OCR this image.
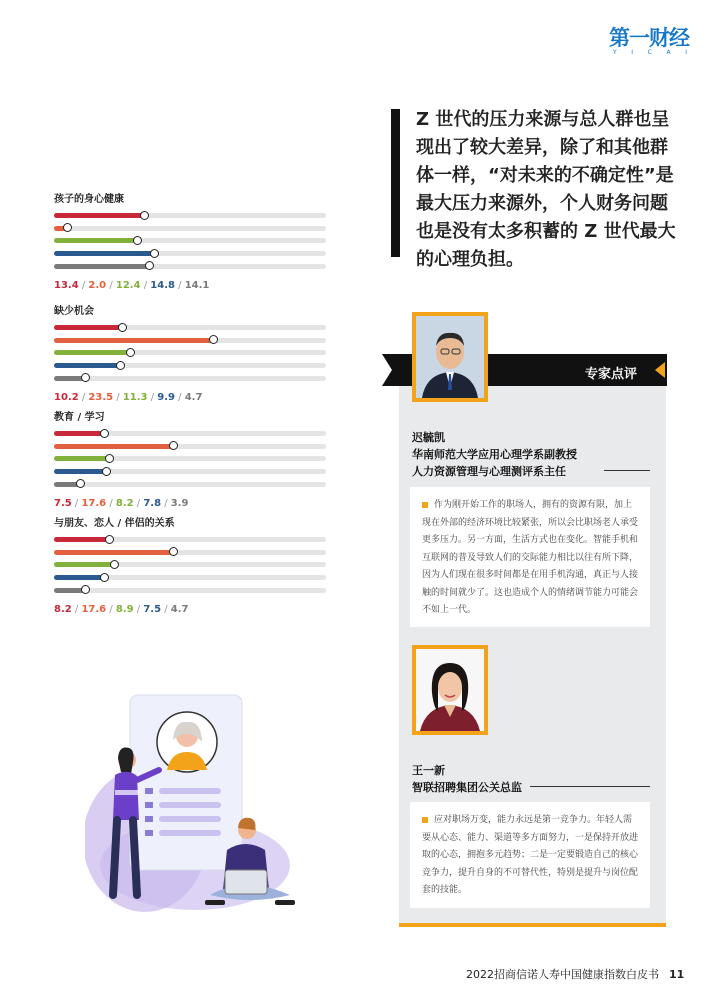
第一财经
Y I C A I
Z 世代的压力来源与总人群也呈现出了较大差异，除了和其他群体一样，“对未来的不确定性”是最大压力来源外，个人财务问题也是没有太多积蓄的 Z 世代最大的心理负担。
孩子的身心健康
13.4 / 2.0 / 12.4 / 14.8 / 14.1
缺少机会
10.2 / 23.5 / 11.3 / 9.9 / 4.7
教育 / 学习
7.5 / 17.6 / 8.2 / 7.8 / 3.9
与朋友、恋人 / 伴侣的关系
8.2 / 17.6 / 8.9 / 7.5 / 4.7
专家点评
迟毓凯
华南师范大学应用心理学系副教授
人力资源管理与心理测评系主任
作为刚开始工作的职场人，拥有的资源有限，加上现在外部的经济环境比较紧张，所以会比职场老人承受更多压力。另一方面，生活方式也在变化。智能手机和互联网的普及导致人们的交际能力相比以往有所下降，因为人们现在很多时间都是在用手机沟通，真正与人接触的时间就少了。这也造成个人的情绪调节能力可能会不如上一代。
王一新
智联招聘集团公关总监
应对职场万变，能力永远是第一竞争力。年轻人需要从心态、能力、渠道等多方面努力，一是保持开放进取的心态，拥抱多元趋势；二是一定要锻造自己的核心竞争力，提升自身的不可替代性，特别是提升与岗位配套的技能。
2022招商信诺人寿中国健康指数白皮书 11
